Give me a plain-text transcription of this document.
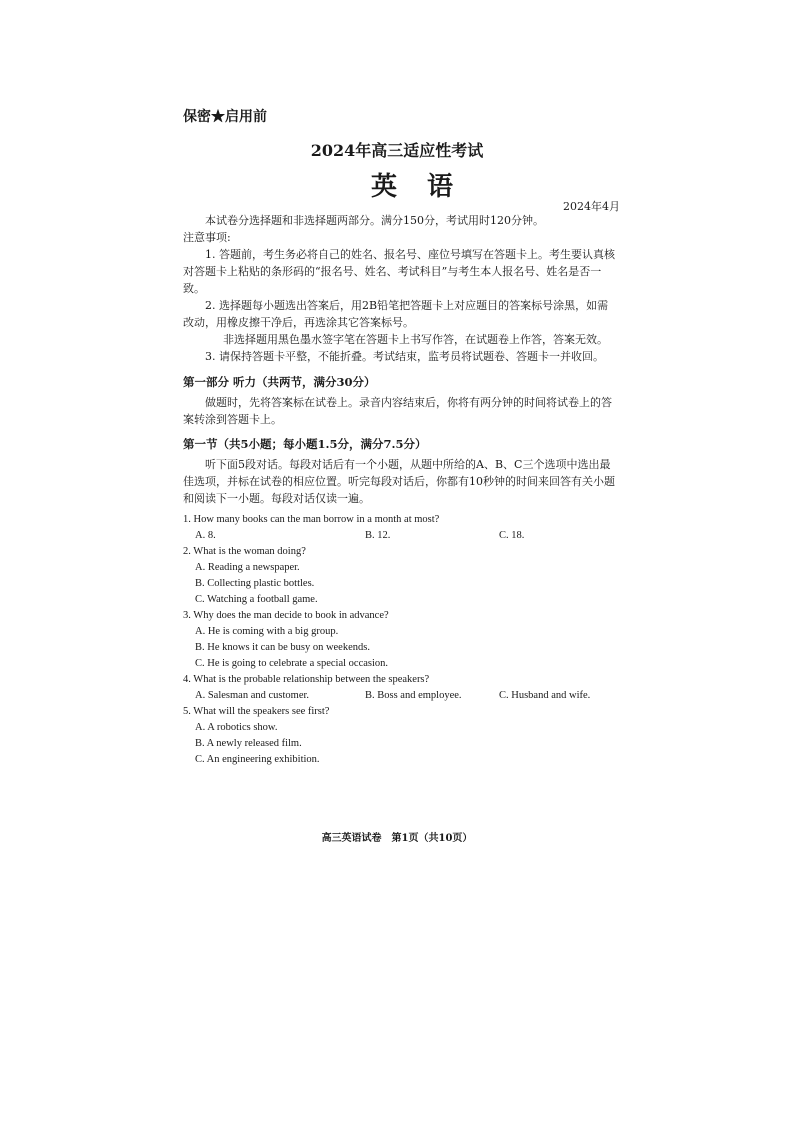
保密★启用前
2024年高三适应性考试
英语
2024年4月
本试卷分选择题和非选择题两部分。满分150分，考试用时120分钟。
注意事项:
1. 答题前，考生务必将自己的姓名、报名号、座位号填写在答题卡上。考生要认真核对答题卡上粘贴的条形码的“报名号、姓名、考试科目”与考生本人报名号、姓名是否一致。
2. 选择题每小题选出答案后，用2B铅笔把答题卡上对应题目的答案标号涂黑，如需改动，用橡皮擦干净后，再选涂其它答案标号。
非选择题用黑色墨水签字笔在答题卡上书写作答，在试题卷上作答，答案无效。
3. 请保持答题卡平整，不能折叠。考试结束，监考员将试题卷、答题卡一并收回。
第一部分 听力（共两节，满分30分）
做题时，先将答案标在试卷上。录音内容结束后，你将有两分钟的时间将试卷上的答案转涂到答题卡上。
第一节（共5小题；每小题1.5分，满分7.5分）
听下面5段对话。每段对话后有一个小题，从题中所给的A、B、C三个选项中选出最佳选项，并标在试卷的相应位置。听完每段对话后，你都有10秒钟的时间来回答有关小题和阅读下一小题。每段对话仅读一遍。
1. How many books can the man borrow in a month at most?
A. 8.	B. 12.	C. 18.
2. What is the woman doing?
A. Reading a newspaper.
B. Collecting plastic bottles.
C. Watching a football game.
3. Why does the man decide to book in advance?
A. He is coming with a big group.
B. He knows it can be busy on weekends.
C. He is going to celebrate a special occasion.
4. What is the probable relationship between the speakers?
A. Salesman and customer.	B. Boss and employee.	C. Husband and wife.
5. What will the speakers see first?
A. A robotics show.
B. A newly released film.
C. An engineering exhibition.
高三英语试卷　第1页（共10页）
